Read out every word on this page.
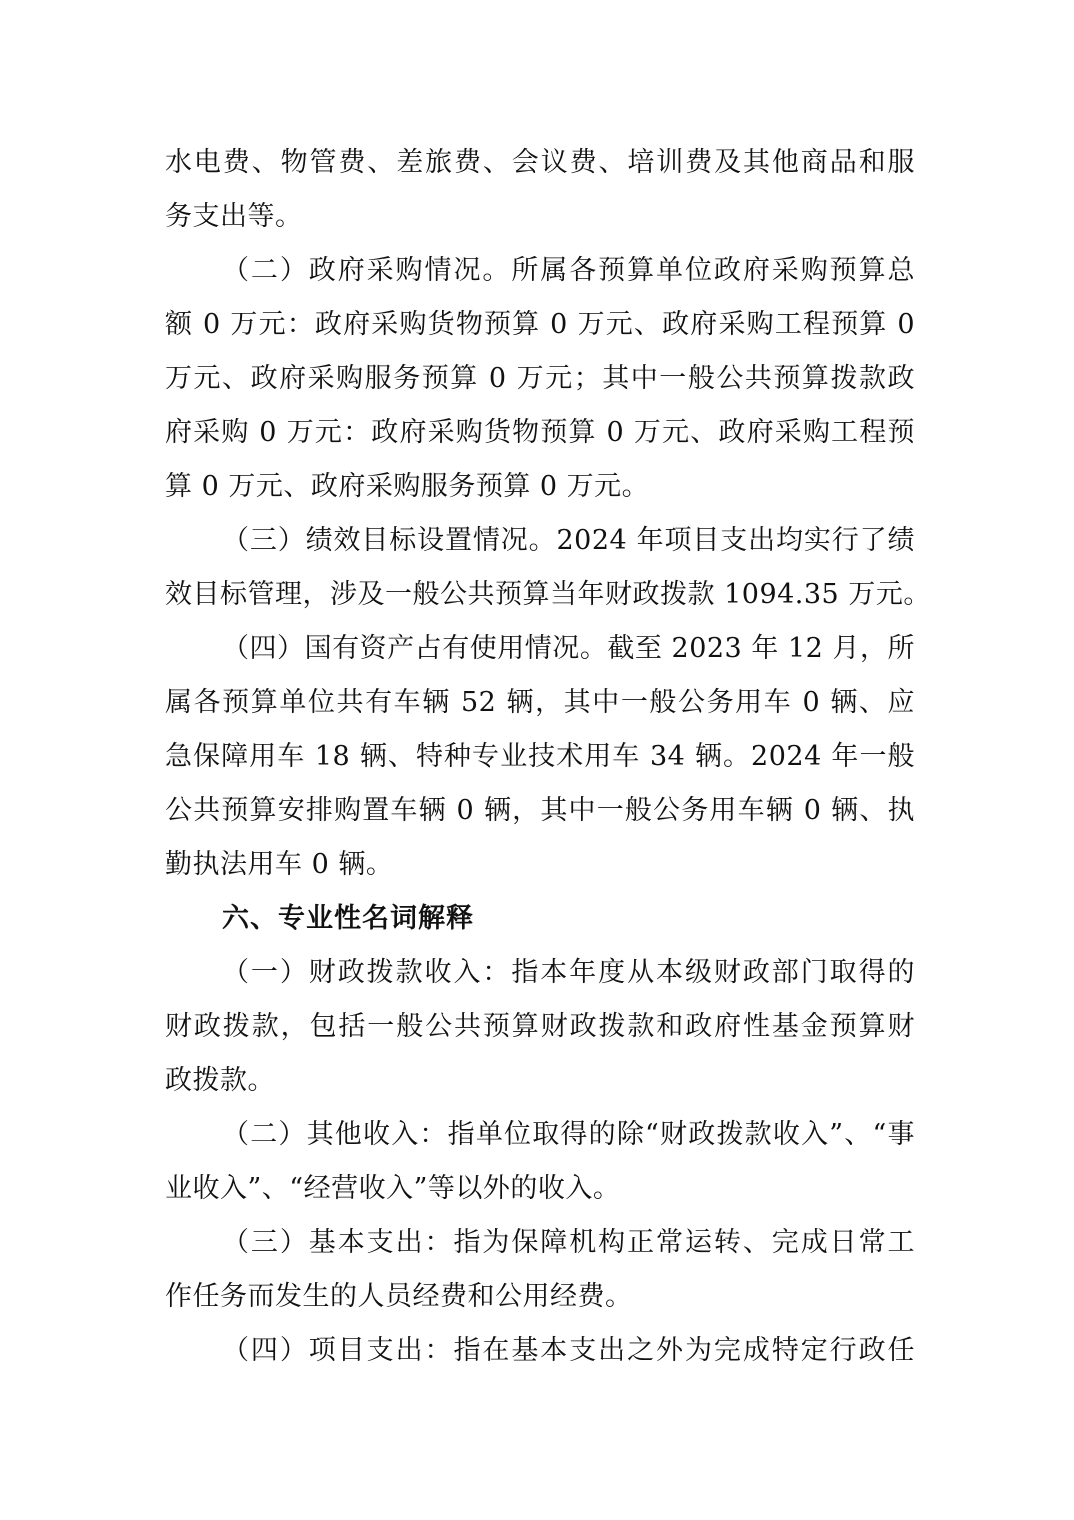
水电费、物管费、差旅费、会议费、培训费及其他商品和服
务支出等。
（二）政府采购情况。所属各预算单位政府采购预算总
额 0 万元：政府采购货物预算 0 万元、政府采购工程预算 0
万元、政府采购服务预算 0 万元；其中一般公共预算拨款政
府采购 0 万元：政府采购货物预算 0 万元、政府采购工程预
算 0 万元、政府采购服务预算 0 万元。
（三）绩效目标设置情况。2024 年项目支出均实行了绩
效目标管理，涉及一般公共预算当年财政拨款 1094.35 万元。
（四）国有资产占有使用情况。截至 2023 年 12 月，所
属各预算单位共有车辆 52 辆，其中一般公务用车 0 辆、应
急保障用车 18 辆、特种专业技术用车 34 辆。2024 年一般
公共预算安排购置车辆 0 辆，其中一般公务用车辆 0 辆、执
勤执法用车 0 辆。
六、专业性名词解释
（一）财政拨款收入：指本年度从本级财政部门取得的
财政拨款，包括一般公共预算财政拨款和政府性基金预算财
政拨款。
（二）其他收入：指单位取得的除“财政拨款收入”、“事
业收入”、“经营收入”等以外的收入。
（三）基本支出：指为保障机构正常运转、完成日常工
作任务而发生的人员经费和公用经费。
（四）项目支出：指在基本支出之外为完成特定行政任
